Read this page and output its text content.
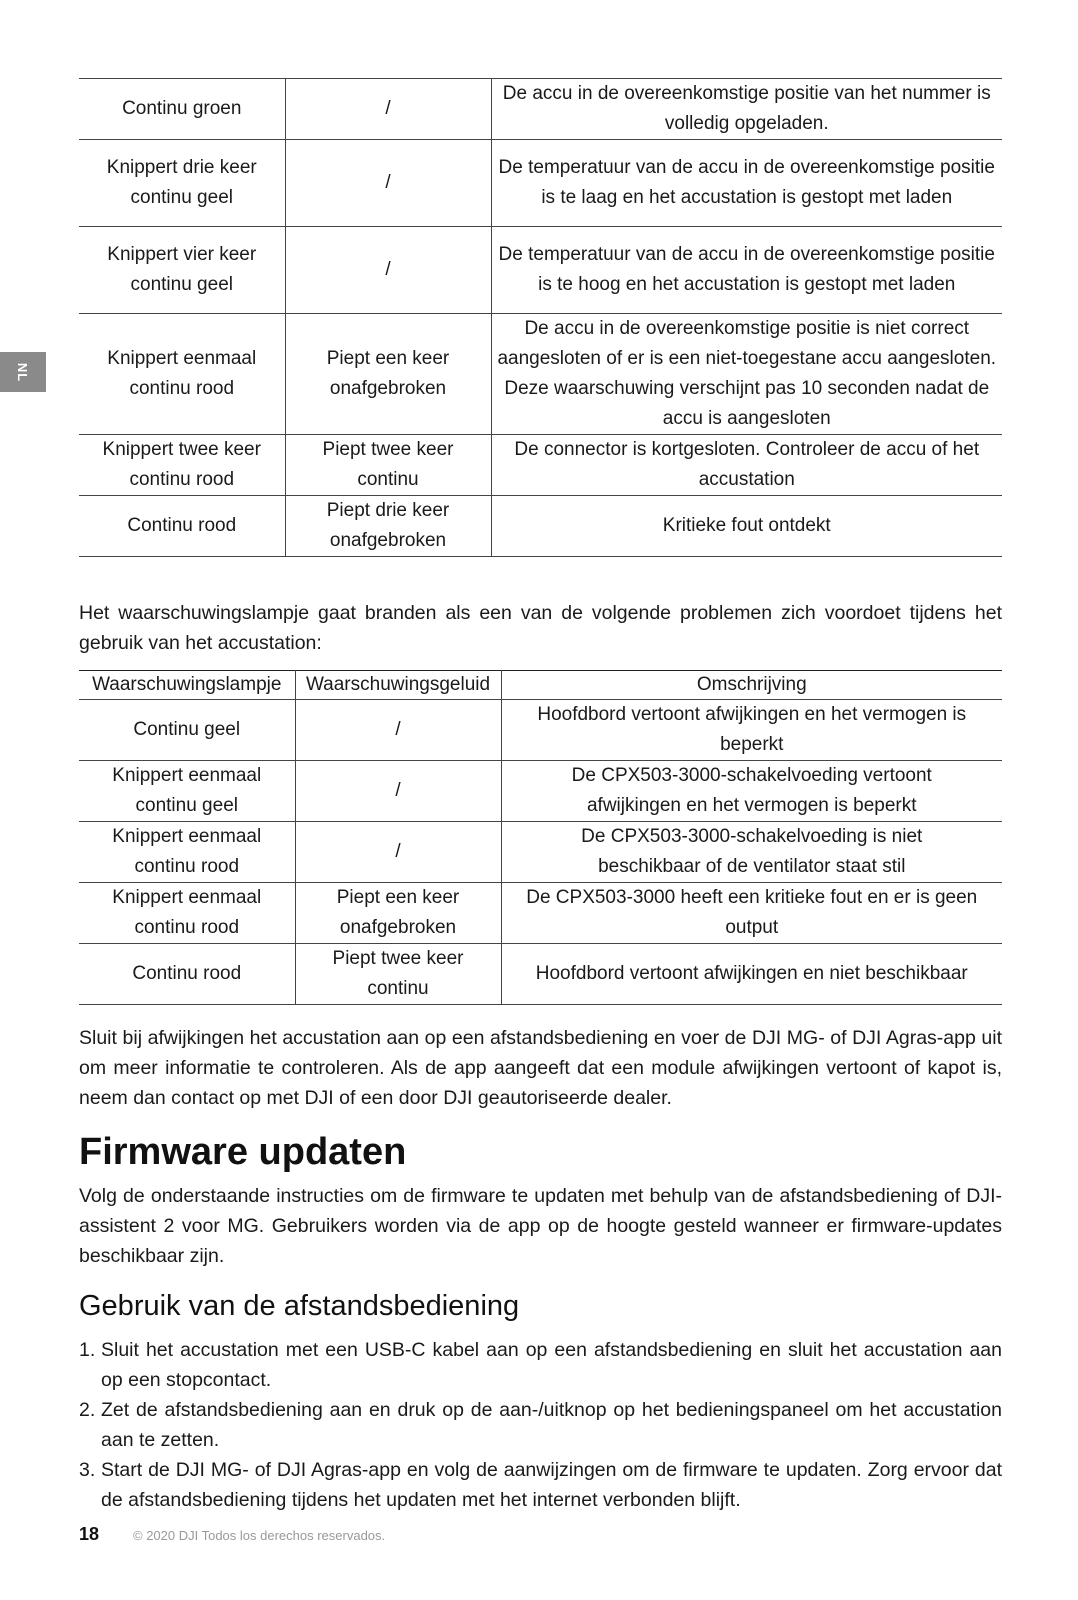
NL
Continu groen	/	De accu in de overeenkomstige positie van het nummer is volledig opgeladen.
Knippert drie keer continu geel	/	De temperatuur van de accu in de overeenkomstige positie is te laag en het accustation is gestopt met laden
Knippert vier keer continu geel	/	De temperatuur van de accu in de overeenkomstige positie is te hoog en het accustation is gestopt met laden
Knippert eenmaal continu rood	Piept een keer onafgebroken	De accu in de overeenkomstige positie is niet correct aangesloten of er is een niet-toegestane accu aangesloten. Deze waarschuwing verschijnt pas 10 seconden nadat de accu is aangesloten
Knippert twee keer continu rood	Piept twee keer continu	De connector is kortgesloten. Controleer de accu of het accustation
Continu rood	Piept drie keer onafgebroken	Kritieke fout ontdekt

Het waarschuwingslampje gaat branden als een van de volgende problemen zich voordoet tijdens het gebruik van het accustation:

Waarschuwingslampje	Waarschuwingsgeluid	Omschrijving
Continu geel	/	Hoofdbord vertoont afwijkingen en het vermogen is beperkt
Knippert eenmaal continu geel	/	De CPX503-3000-schakelvoeding vertoont afwijkingen en het vermogen is beperkt
Knippert eenmaal continu rood	/	De CPX503-3000-schakelvoeding is niet beschikbaar of de ventilator staat stil
Knippert eenmaal continu rood	Piept een keer onafgebroken	De CPX503-3000 heeft een kritieke fout en er is geen output
Continu rood	Piept twee keer continu	Hoofdbord vertoont afwijkingen en niet beschikbaar

Sluit bij afwijkingen het accustation aan op een afstandsbediening en voer de DJI MG- of DJI Agras-app uit om meer informatie te controleren. Als de app aangeeft dat een module afwijkingen vertoont of kapot is, neem dan contact op met DJI of een door DJI geautoriseerde dealer.

Firmware updaten

Volg de onderstaande instructies om de firmware te updaten met behulp van de afstandsbediening of DJI-assistent 2 voor MG. Gebruikers worden via de app op de hoogte gesteld wanneer er firmware-updates beschikbaar zijn.

Gebruik van de afstandsbediening
1. Sluit het accustation met een USB-C kabel aan op een afstandsbediening en sluit het accustation aan op een stopcontact.
2. Zet de afstandsbediening aan en druk op de aan-/uitknop op het bedieningspaneel om het accustation aan te zetten.
3. Start de DJI MG- of DJI Agras-app en volg de aanwijzingen om de firmware te updaten. Zorg ervoor dat de afstandsbediening tijdens het updaten met het internet verbonden blijft.
18	© 2020 DJI Todos los derechos reservados.
